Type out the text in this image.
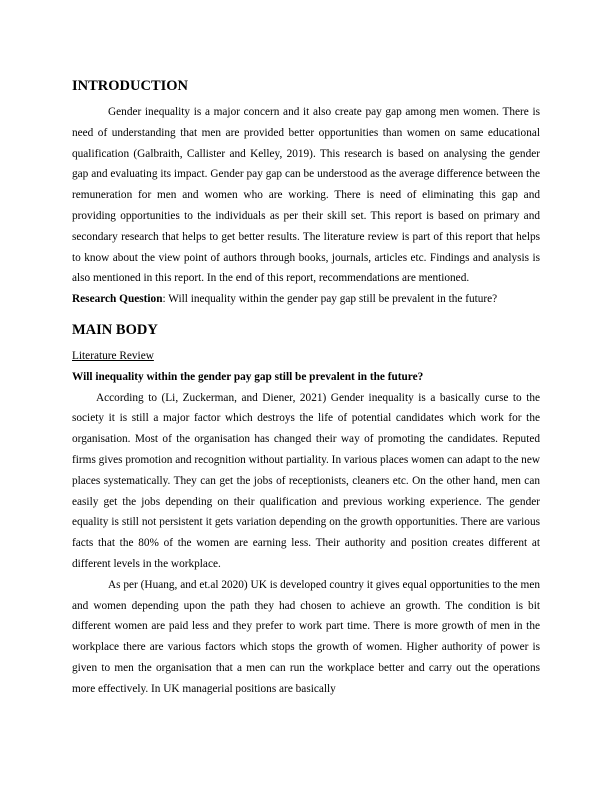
INTRODUCTION

Gender inequality is a major concern and it also create pay gap among men women. There is need of understanding that men are provided better opportunities than women on same educational qualification (Galbraith, Callister and Kelley, 2019). This research is based on analysing the gender gap and evaluating its impact. Gender pay gap can be understood as the average difference between the remuneration for men and women who are working. There is need of eliminating this gap and providing opportunities to the individuals as per their skill set. This report is based on primary and secondary research that helps to get better results. The literature review is part of this report that helps to know about the view point of authors through books, journals, articles etc. Findings and analysis is also mentioned in this report. In the end of this report, recommendations are mentioned.

Research Question: Will inequality within the gender pay gap still be prevalent in the future?

MAIN BODY
Literature Review
Will inequality within the gender pay gap still be prevalent in the future?

According to (Li, Zuckerman, and Diener, 2021) Gender inequality is a basically curse to the society it is still a major factor which destroys the life of potential candidates which work for the organisation. Most of the organisation has changed their way of promoting the candidates. Reputed firms gives promotion and recognition without partiality. In various places women can adapt to the new places systematically. They can get the jobs of receptionists, cleaners etc. On the other hand, men can easily get the jobs depending on their qualification and previous working experience. The gender equality is still not persistent it gets variation depending on the growth opportunities. There are various facts that the 80% of the women are earning less. Their authority and position creates different at different levels in the workplace.

As per (Huang, and et.al 2020) UK is developed country it gives equal opportunities to the men and women depending upon the path they had chosen to achieve an growth. The condition is bit different women are paid less and they prefer to work part time. There is more growth of men in the workplace there are various factors which stops the growth of women. Higher authority of power is given to men the organisation that a men can run the workplace better and carry out the operations more effectively. In UK managerial positions are basically
